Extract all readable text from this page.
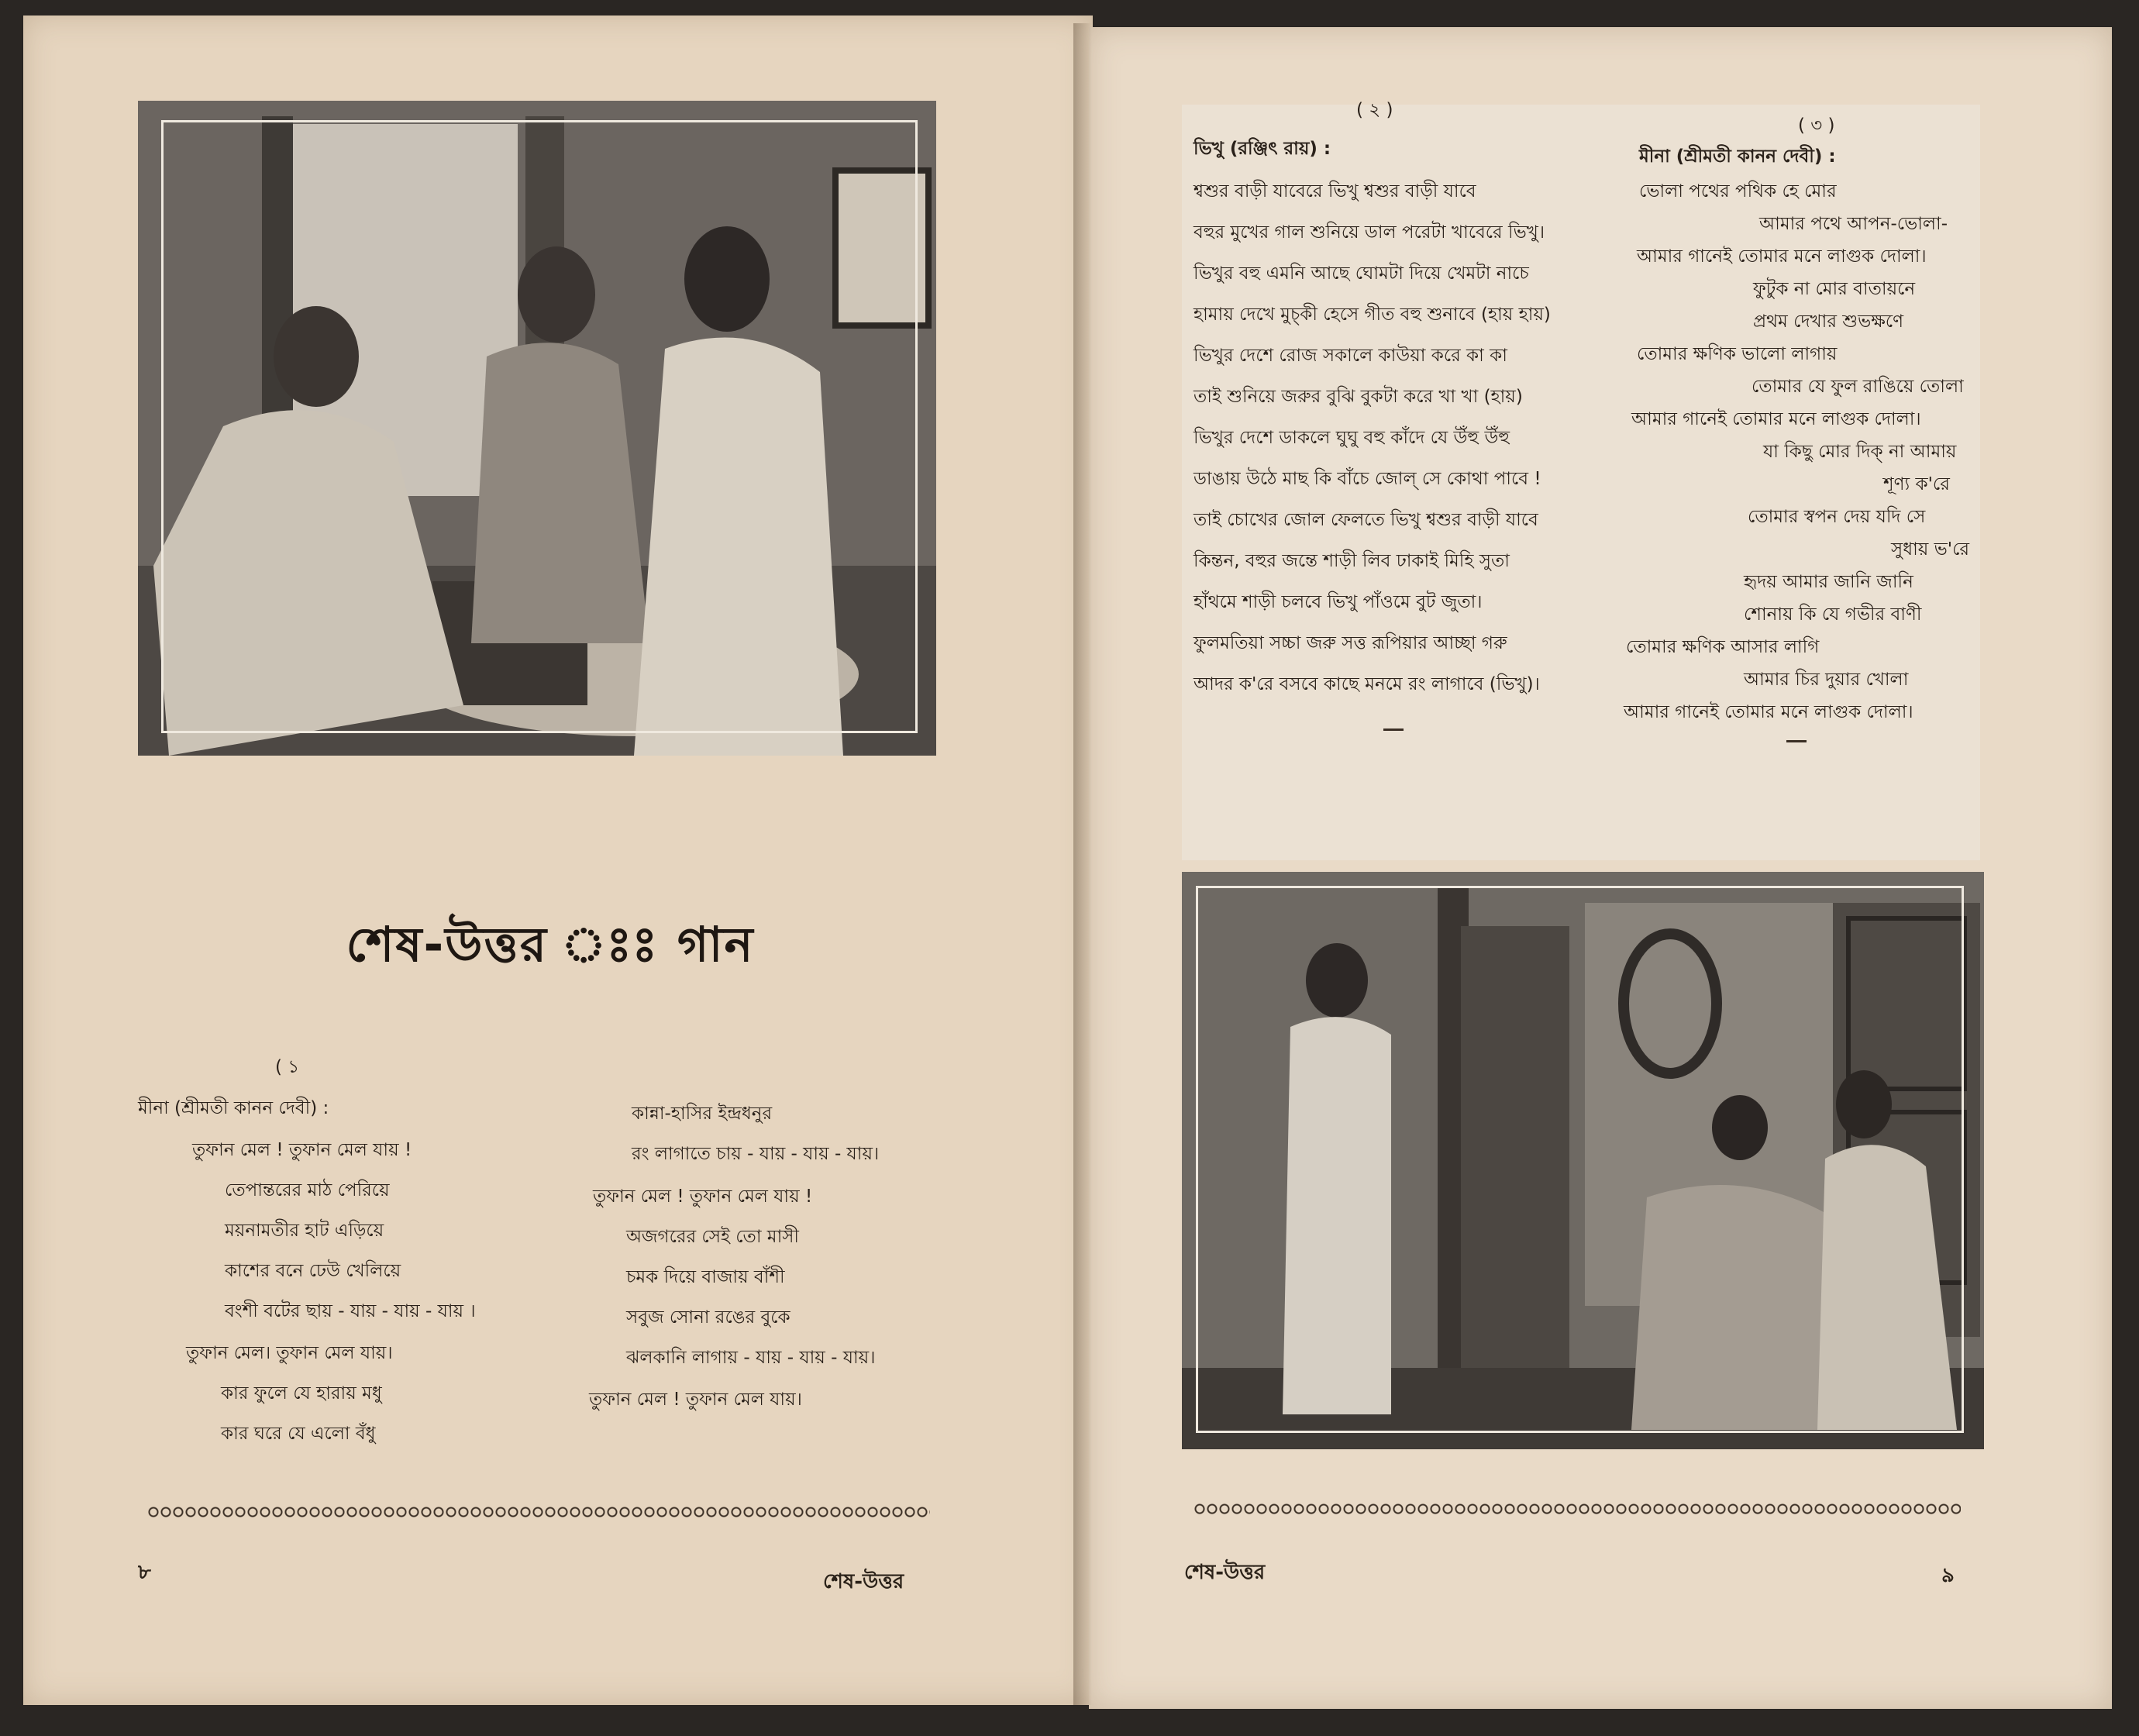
শেষ-উত্তর ঃঃ গান
( ১
মীনা (শ্রীমতী কানন দেবী) :
তুফান মেল ! তুফান মেল যায় !
তেপান্তরের মাঠ পেরিয়ে
ময়নামতীর হাট এড়িয়ে
কাশের বনে ঢেউ খেলিয়ে
বংশী বটের ছায় - যায় - যায় - যায় ।
তুফান মেল। তুফান মেল যায়।
কার ফুলে যে হারায় মধু
কার ঘরে যে এলো বঁধু
কান্না-হাসির ইন্দ্রধনুর
রং লাগাতে চায় - যায় - যায় - যায়।
তুফান মেল ! তুফান মেল যায় !
অজগরের সেই তো মাসী
চমক দিয়ে বাজায় বাঁশী
সবুজ সোনা রঙের বুকে
ঝলকানি লাগায় - যায় - যায় - যায়।
তুফান মেল ! তুফান মেল যায়।
৮	শেষ-উত্তর
( ২ )
( ৩ )
ভিখু (রঞ্জিৎ রায়) :
শ্বশুর বাড়ী যাবেরে ভিখু শ্বশুর বাড়ী যাবে
বহুর মুখের গাল শুনিয়ে ডাল পরেটা খাবেরে ভিখু।
ভিখুর বহু এমনি আছে ঘোমটা দিয়ে খেমটা নাচে
হামায় দেখে মুচ্‌কী হেসে গীত বহু শুনাবে (হায় হায়)
ভিখুর দেশে রোজ সকালে কাউয়া করে কা কা
তাই শুনিয়ে জরুর বুঝি বুকটা করে খা খা (হায়)
ভিখুর দেশে ডাকলে ঘুঘু বহু কাঁদে যে উঁহু উঁহু
ডাঙায় উঠে মাছ কি বাঁচে জোল্‌ সে কোথা পাবে !
তাই চোখের জোল ফেলতে ভিখু শ্বশুর বাড়ী যাবে
কিন্তন, বহুর জন্তে শাড়ী লিব ঢাকাই মিহি সুতা
হাঁথমে শাড়ী চলবে ভিখু পাঁওমে বুট জুতা।
ফুলমতিয়া সচ্চা জরু সত্ত রূপিয়ার আচ্ছা গরু
আদর ক'রে বসবে কাছে মনমে রং লাগাবে (ভিখু)।
মীনা (শ্রীমতী কানন দেবী) :
ভোলা পথের পথিক হে মোর
আমার পথে আপন-ভোলা-
আমার গানেই তোমার মনে লাগুক দোলা।
ফুটুক না মোর বাতায়নে
প্রথম দেখার শুভক্ষণে
তোমার ক্ষণিক ভালো লাগায়
তোমার যে ফুল রাঙিয়ে তোলা
আমার গানেই তোমার মনে লাগুক দোলা।
যা কিছু মোর দিক্‌ না আমায়
শূণ্য ক'রে
তোমার স্বপন দেয় যদি সে
সুধায় ভ'রে
হৃদয় আমার জানি জানি
শোনায় কি যে গভীর বাণী
তোমার ক্ষণিক আসার লাগি
আমার চির দুয়ার খোলা
আমার গানেই তোমার মনে লাগুক দোলা।
শেষ-উত্তর	৯
